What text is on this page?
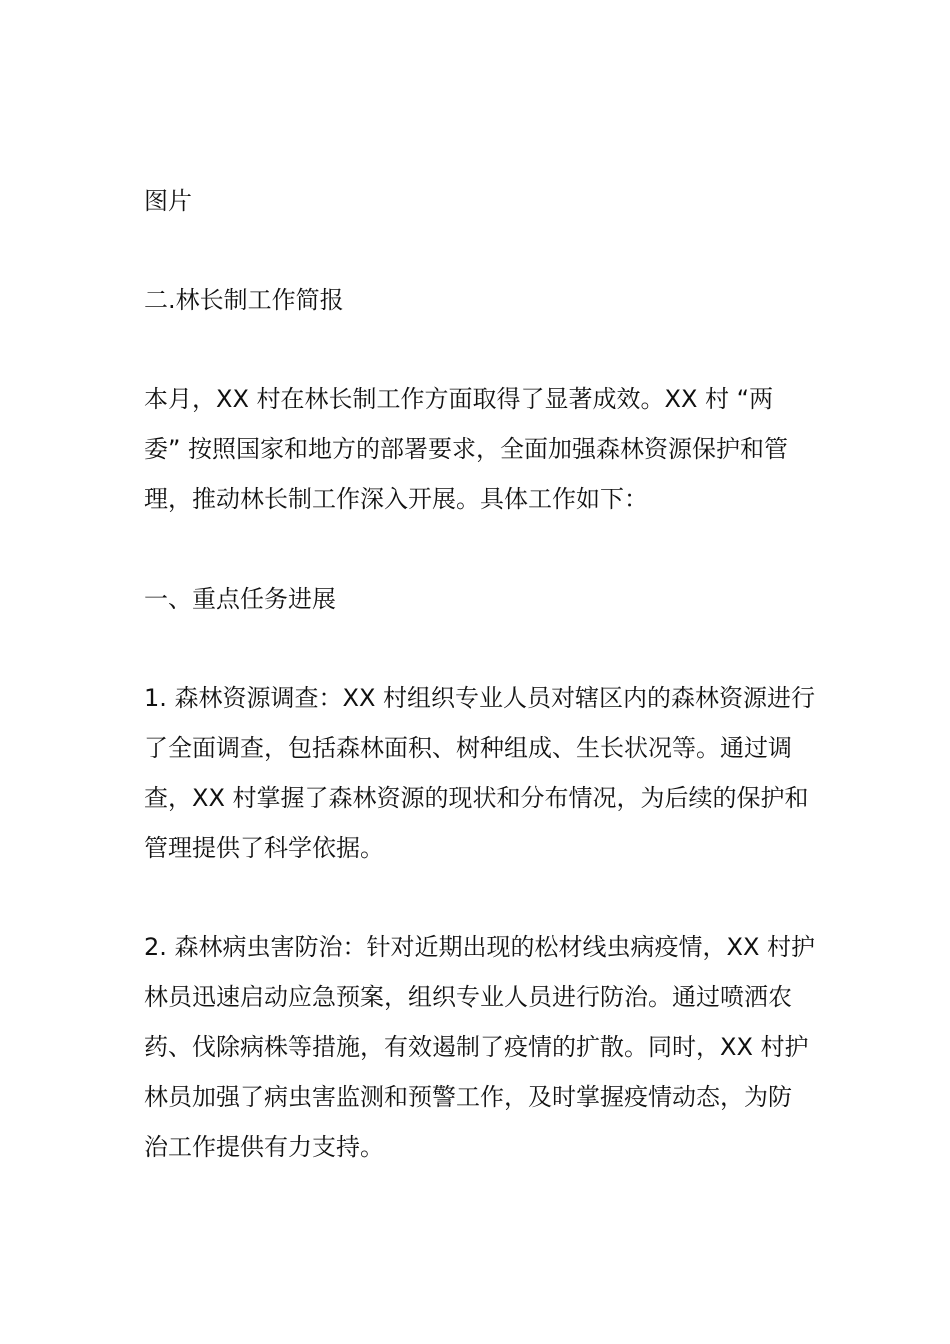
图片

二.林长制工作简报

本月，XX 村在林长制工作方面取得了显著成效。XX 村 “两
委” 按照国家和地方的部署要求，全面加强森林资源保护和管
理，推动林长制工作深入开展。具体工作如下：

一、重点任务进展

1. 森林资源调查：XX 村组织专业人员对辖区内的森林资源进行
了全面调查，包括森林面积、树种组成、生长状况等。通过调
查，XX 村掌握了森林资源的现状和分布情况，为后续的保护和
管理提供了科学依据。

2. 森林病虫害防治：针对近期出现的松材线虫病疫情，XX 村护
林员迅速启动应急预案，组织专业人员进行防治。通过喷洒农
药、伐除病株等措施，有效遏制了疫情的扩散。同时，XX 村护
林员加强了病虫害监测和预警工作，及时掌握疫情动态，为防
治工作提供有力支持。
